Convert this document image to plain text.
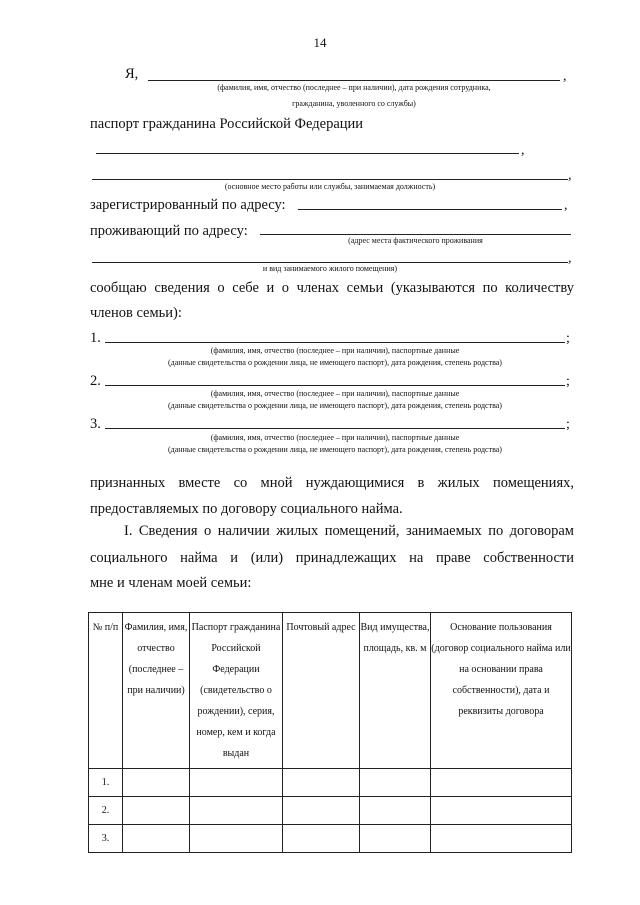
14
Я,	,
(фамилия, имя, отчество (последнее – при наличии), дата рождения сотрудника,
гражданина, уволенного со службы)
паспорт гражданина Российской Федерации
,
,
(основное место работы или службы, занимаемая должность)
зарегистрированный по адресу:	,
проживающий по адресу:
(адрес места фактического проживания
,
и вид занимаемого жилого помещения)
сообщаю сведения о себе и о членах семьи (указываются по количеству
членов семьи):
1.	;
(фамилия, имя, отчество (последнее – при наличии), паспортные данные
(данные свидетельства о рождении лица, не имеющего паспорт), дата рождения, степень родства)
2.	;
(фамилия, имя, отчество (последнее – при наличии), паспортные данные
(данные свидетельства о рождении лица, не имеющего паспорт), дата рождения, степень родства)
3.	;
(фамилия, имя, отчество (последнее – при наличии), паспортные данные
(данные свидетельства о рождении лица, не имеющего паспорт), дата рождения, степень родства)
признанных вместе со мной нуждающимися в жилых помещениях,
предоставляемых по договору социального найма.
I. Сведения о наличии жилых помещений, занимаемых по договорам
социального найма и (или) принадлежащих на праве собственности
мне и членам моей семьи:
№ п/п	Фамилия, имя, отчество (последнее – при наличии)	Паспорт гражданина Российской Федерации (свидетельство о рождении), серия, номер, кем и когда выдан	Почтовый адрес	Вид имущества, площадь, кв. м	Основание пользования (договор социального найма или на основании права собственности), дата и реквизиты договора
1.					
2.					
3.					
